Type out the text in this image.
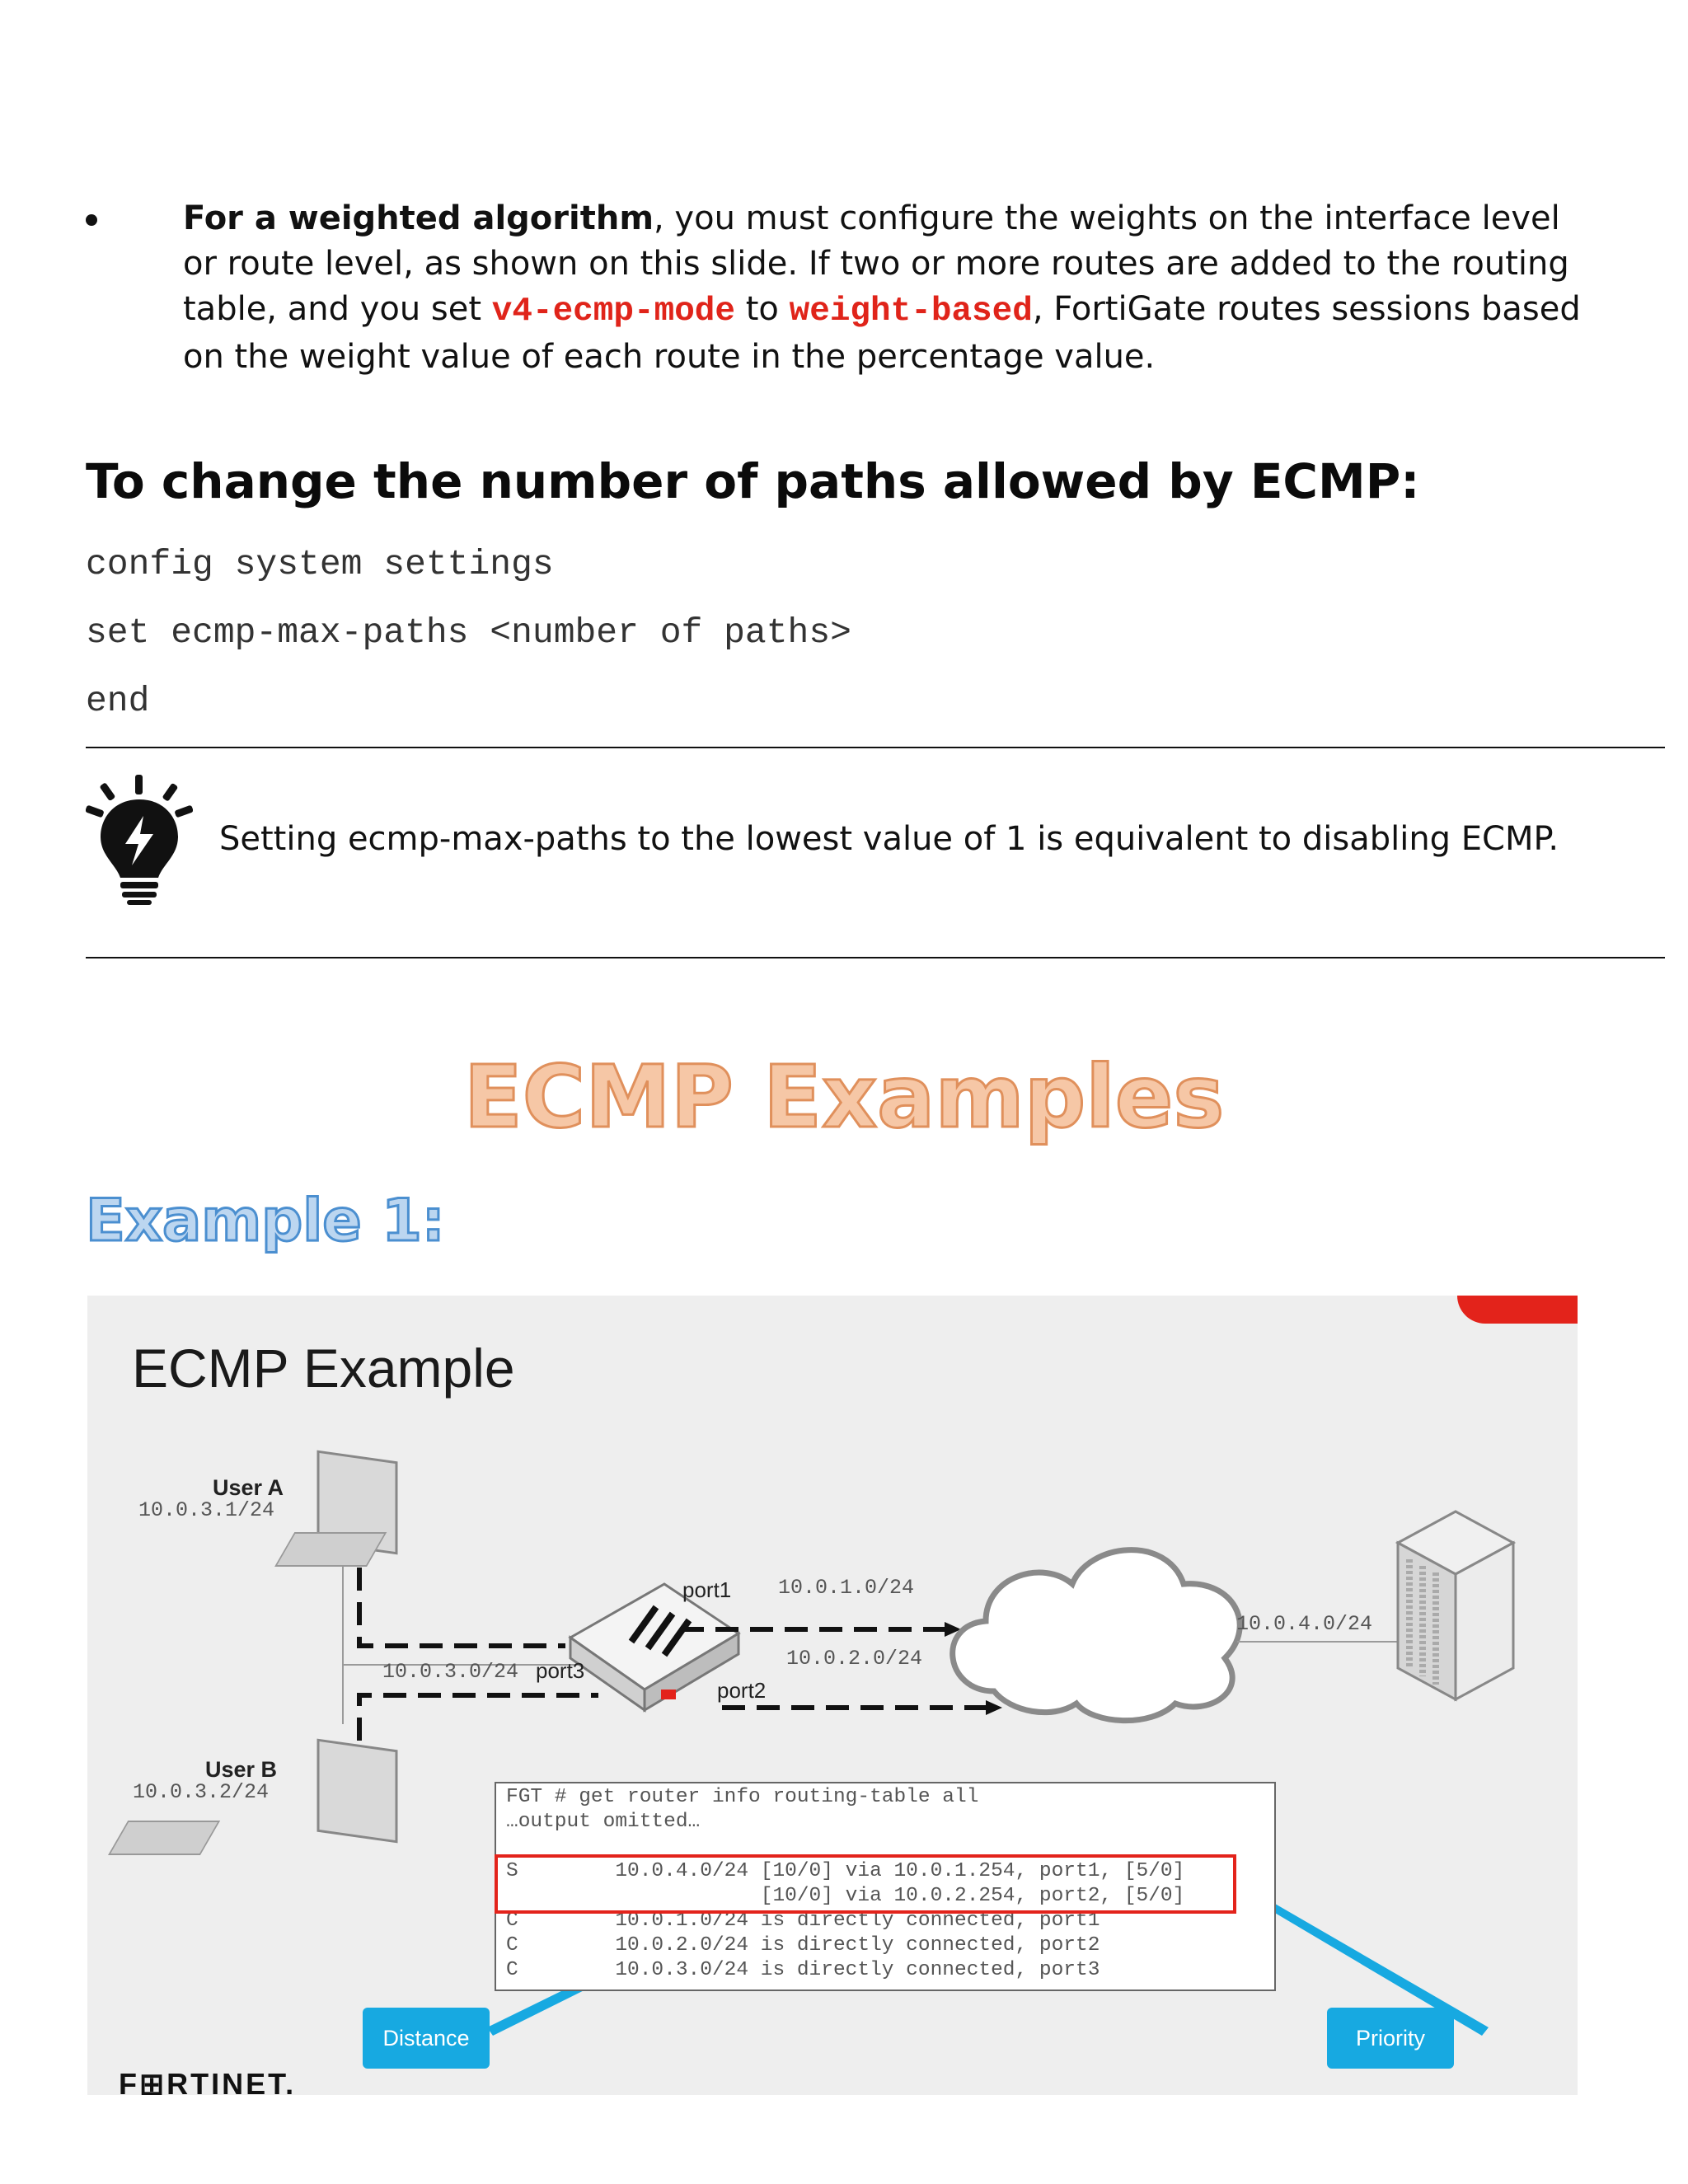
For a weighted algorithm, you must configure the weights on the interface level or route level, as shown on this slide. If two or more routes are added to the routing table, and you set v4-ecmp-mode to weight-based, FortiGate routes sessions based on the weight value of each route in the percentage value.
To change the number of paths allowed by ECMP:
config system settings
set ecmp-max-paths <number of paths>
end
Setting ecmp-max-paths to the lowest value of 1 is equivalent to disabling ECMP.
ECMP Examples
Example 1:
ECMP Example
User A
10.0.3.1/24
User B
10.0.3.2/24
10.0.3.0/24 port3
port1 10.0.1.0/24
10.0.2.0/24
port2
10.0.4.0/24
FGT # get router info routing-table all
…output omitted…
S        10.0.4.0/24 [10/0] via 10.0.1.254, port1, [5/0]
[10/0] via 10.0.2.254, port2, [5/0]
C        10.0.1.0/24 is directly connected, port1
C        10.0.2.0/24 is directly connected, port2
C        10.0.3.0/24 is directly connected, port3
Distance	Priority
F⊞RTINET.
